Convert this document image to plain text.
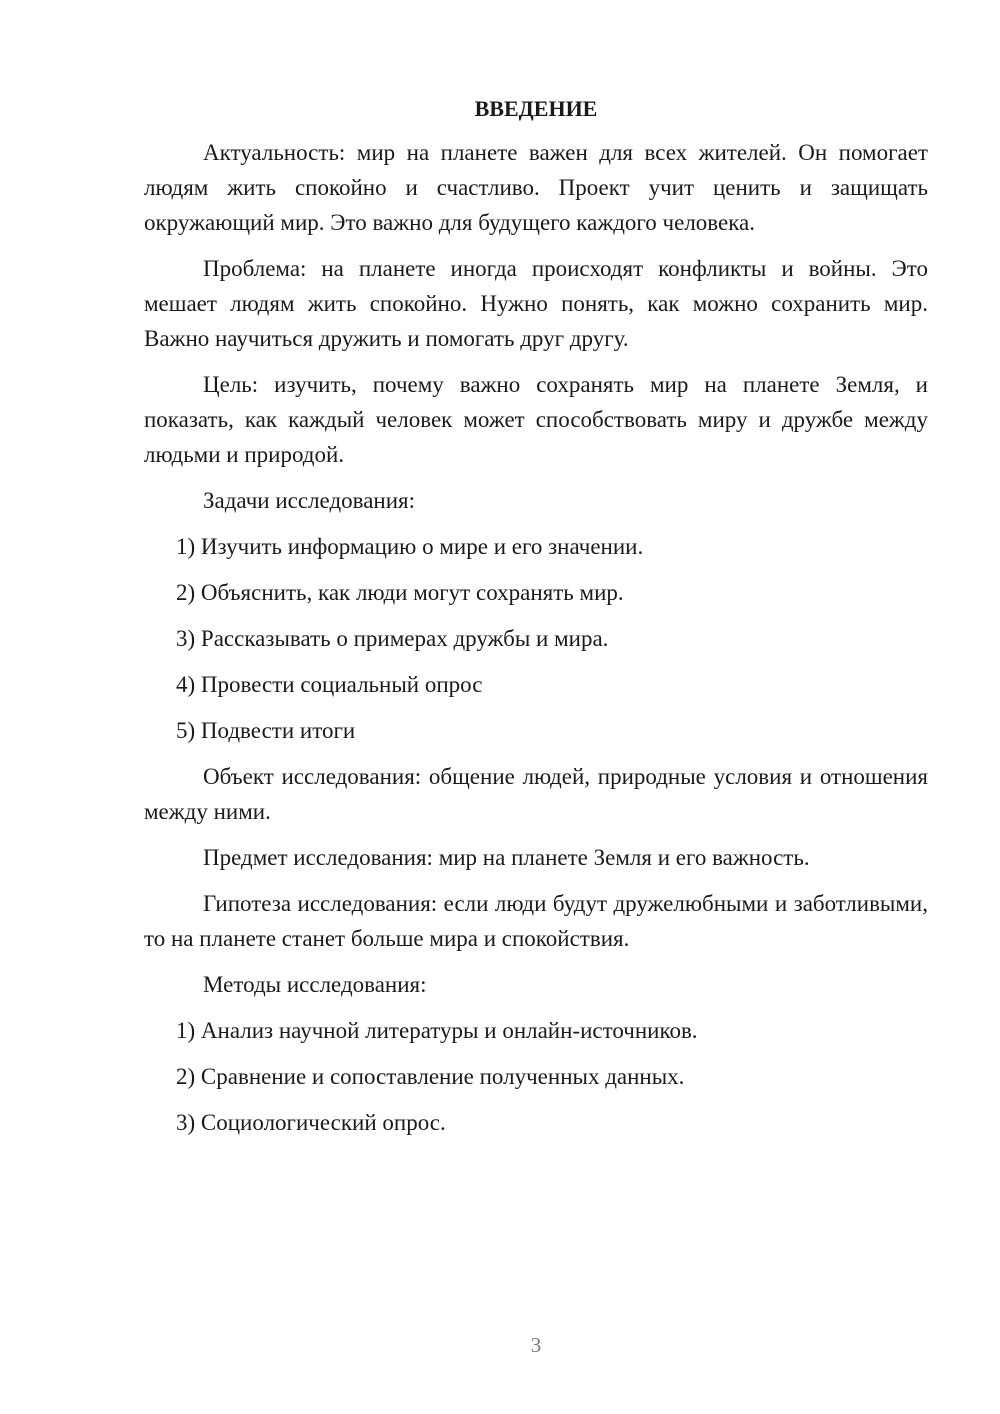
ВВЕДЕНИЕ

Актуальность: мир на планете важен для всех жителей. Он помогает людям жить спокойно и счастливо. Проект учит ценить и защищать окружающий мир. Это важно для будущего каждого человека.

Проблема: на планете иногда происходят конфликты и войны. Это мешает людям жить спокойно. Нужно понять, как можно сохранить мир. Важно научиться дружить и помогать друг другу.

Цель: изучить, почему важно сохранять мир на планете Земля, и показать, как каждый человек может способствовать миру и дружбе между людьми и природой.

Задачи исследования:
1) Изучить информацию о мире и его значении.
2) Объяснить, как люди могут сохранять мир.
3) Рассказывать о примерах дружбы и мира.
4) Провести социальный опрос
5) Подвести итоги

Объект исследования: общение людей, природные условия и отношения между ними.

Предмет исследования: мир на планете Земля и его важность.

Гипотеза исследования: если люди будут дружелюбными и заботливыми, то на планете станет больше мира и спокойствия.

Методы исследования:
1) Анализ научной литературы и онлайн-источников.
2) Сравнение и сопоставление полученных данных.
3) Социологический опрос.
3
